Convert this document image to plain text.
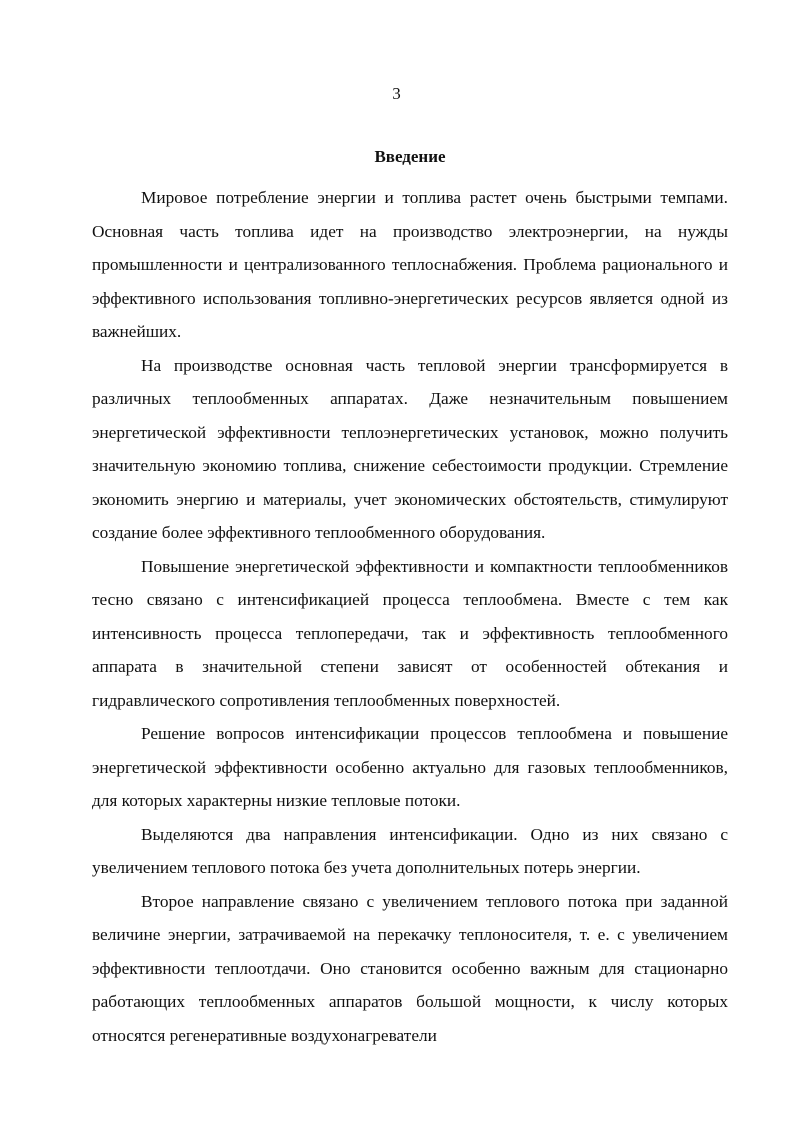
3
Введение

Мировое потребление энергии и топлива растет очень быстрыми темпами. Основная часть топлива идет на производство электроэнергии, на нужды промышленности и централизованного теплоснабжения. Проблема рационального и эффективного использования топливно-энергетических ресурсов является одной из важнейших.

На производстве основная часть тепловой энергии трансформируется в различных теплообменных аппаратах. Даже незначительным повышением энергетической эффективности теплоэнергетических установок, можно получить значительную экономию топлива, снижение себестоимости продукции. Стремление экономить энергию и материалы, учет экономических обстоятельств, стимулируют создание более эффективного теплообменного оборудования.

Повышение энергетической эффективности и компактности теплообменников тесно связано с интенсификацией процесса теплообмена. Вместе с тем как интенсивность процесса теплопередачи, так и эффективность теплообменного аппарата в значительной степени зависят от особенностей обтекания и гидравлического сопротивления теплообменных поверхностей.

Решение вопросов интенсификации процессов теплообмена и повышение энергетической эффективности особенно актуально для газовых теплообменников, для которых характерны низкие тепловые потоки.

Выделяются два направления интенсификации. Одно из них связано с увеличением теплового потока без учета дополнительных потерь энергии.

Второе направление связано с увеличением теплового потока при заданной величине энергии, затрачиваемой на перекачку теплоносителя, т. е. с увеличением эффективности теплоотдачи. Оно становится особенно важным для стационарно работающих теплообменных аппаратов большой мощности, к числу которых относятся регенеративные воздухонагреватели
